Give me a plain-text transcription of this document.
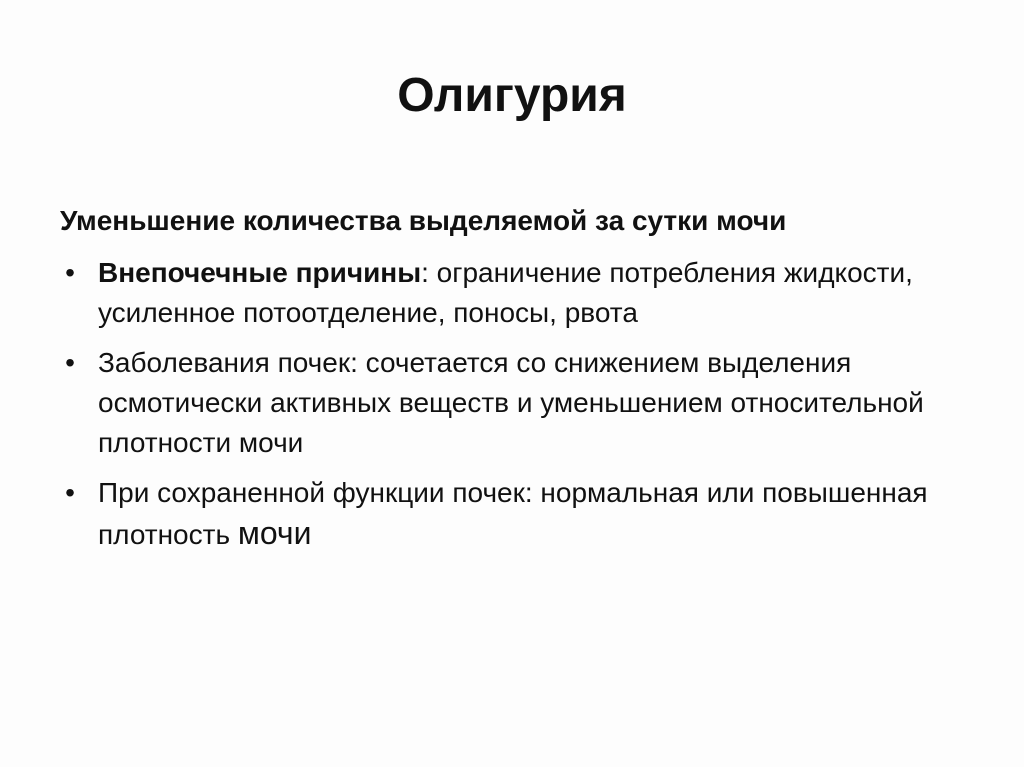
Олигурия
Уменьшение количества выделяемой за сутки мочи
• Внепочечные причины: ограничение потребления жидкости, усиленное потоотделение, поносы, рвота
• Заболевания почек: сочетается со снижением выделения осмотически активных веществ и уменьшением относительной плотности мочи
• При сохраненной функции почек: нормальная или повышенная плотность мочи
